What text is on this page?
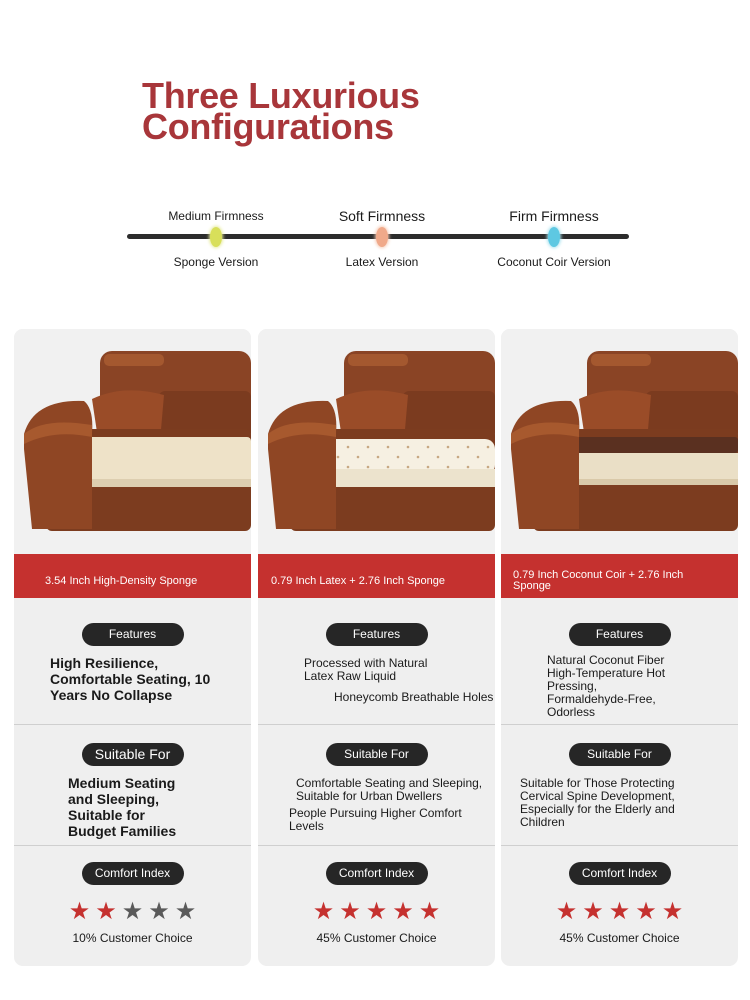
Three Luxurious
Configurations
Medium Firmness
Sponge Version
Soft Firmness
Latex Version
Firm Firmness
Coconut Coir Version
3.54 Inch High-Density Sponge
Features
High Resilience,
Comfortable Seating, 10
Years No Collapse
Suitable For
Medium Seating
and Sleeping,
Suitable for
Budget Families
Comfort Index
★ ★ ★ ★ ★
10% Customer Choice
0.79 Inch Latex + 2.76 Inch Sponge
Features
Processed with Natural
Latex Raw Liquid
Honeycomb Breathable Holes
Suitable For
Comfortable Seating and Sleeping,
Suitable for Urban Dwellers
People Pursuing Higher Comfort Levels
Comfort Index
★ ★ ★ ★ ★
45% Customer Choice
0.79 Inch Coconut Coir + 2.76 Inch Sponge
Features
Natural Coconut Fiber
High-Temperature Hot
Pressing,
Formaldehyde-Free,
Odorless
Suitable For
Suitable for Those Protecting
Cervical Spine Development,
Especially for the Elderly and
Children
Comfort Index
★ ★ ★ ★ ★
45% Customer Choice
